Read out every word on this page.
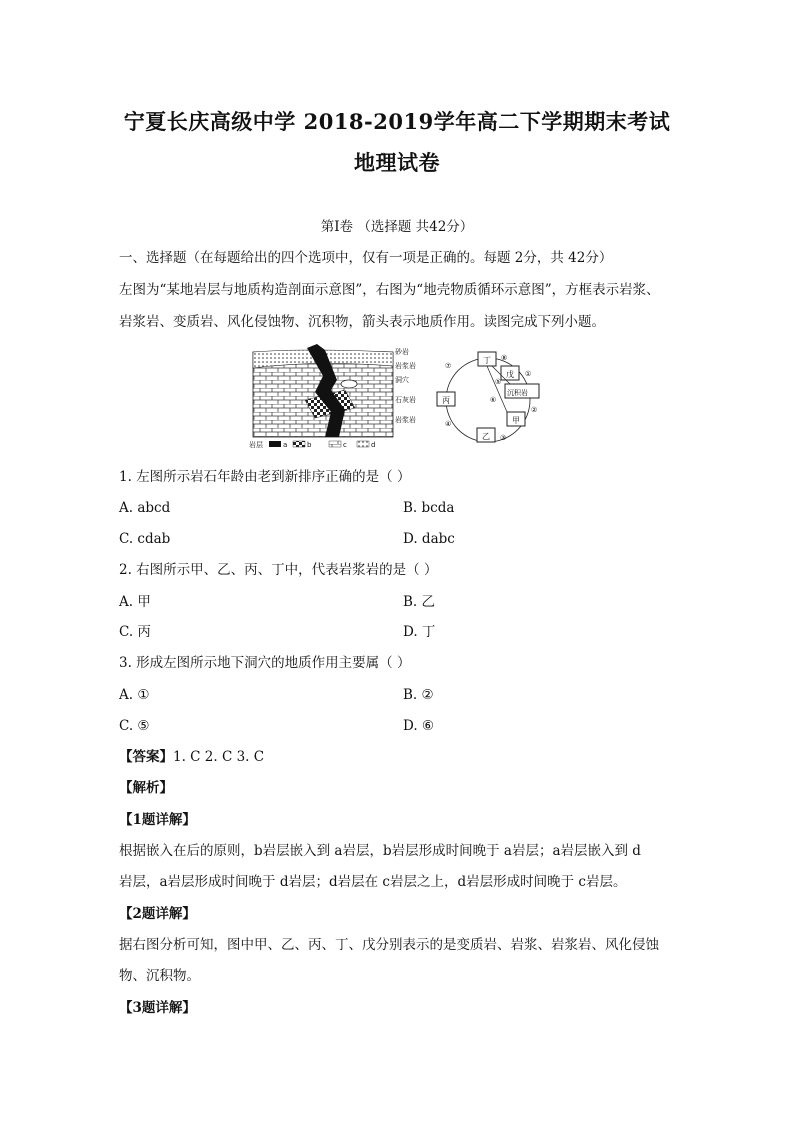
宁夏长庆高级中学 2018-2019学年高二下学期期末考试
地理试卷
第Ⅰ卷 （选择题 共42分）
一、选择题（在每题给出的四个选项中，仅有一项是正确的。每题 2分，共 42分）
左图为“某地岩层与地质构造剖面示意图”，右图为“地壳物质循环示意图”，方框表示岩浆、
岩浆岩、变质岩、风化侵蚀物、沉积物，箭头表示地质作用。读图完成下列小题。
砂岩
岩浆岩
洞穴
石灰岩
岩浆岩
岩层	a	b	c	d
丁
戊
沉积岩
甲
乙
丙
①
②
③
④
⑤
⑥
⑦
⑧
1. 左图所示岩石年龄由老到新排序正确的是（ ）
A. abcd	B. bcda
C. cdab	D. dabc
2. 右图所示甲、乙、丙、丁中，代表岩浆岩的是（ ）
A. 甲	B. 乙
C. 丙	D. 丁
3. 形成左图所示地下洞穴的地质作用主要属（ ）
A. ①	B. ②
C. ⑤	D. ⑥
【答案】1. C 2. C 3. C
【解析】
【1题详解】
根据嵌入在后的原则，b岩层嵌入到 a岩层，b岩层形成时间晚于 a岩层；a岩层嵌入到 d
岩层，a岩层形成时间晚于 d岩层；d岩层在 c岩层之上，d岩层形成时间晚于 c岩层。
【2题详解】
据右图分析可知，图中甲、乙、丙、丁、戊分别表示的是变质岩、岩浆、岩浆岩、风化侵蚀
物、沉积物。
【3题详解】
